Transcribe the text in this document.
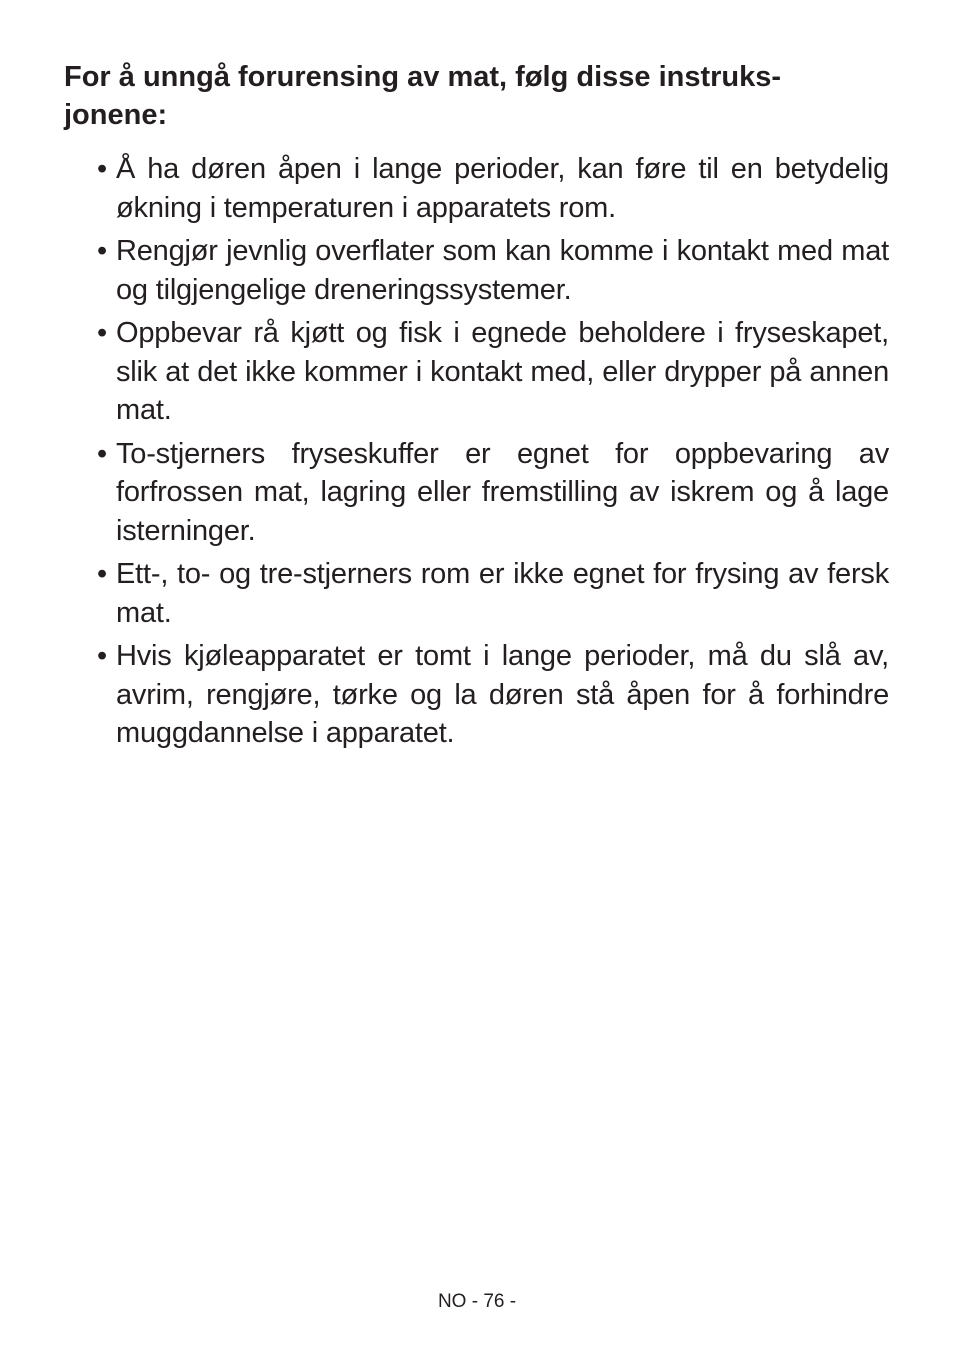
For å unngå forurensing av mat, følg disse instruks-jonene:
• Å ha døren åpen i lange perioder, kan føre til en betydelig økning i temperaturen i apparatets rom.
• Rengjør jevnlig overflater som kan komme i kontakt med mat og tilgjengelige dreneringssystemer.
• Oppbevar rå kjøtt og fisk i egnede beholdere i fryseskapet, slik at det ikke kommer i kontakt med, eller drypper på annen mat.
• To-stjerners fryseskuffer er egnet for oppbevaring av forfrossen mat, lagring eller fremstilling av iskrem og å lage isterninger.
• Ett-, to- og tre-stjerners rom er ikke egnet for frysing av fersk mat.
• Hvis kjøleapparatet er tomt i lange perioder, må du slå av, avrim, rengjøre, tørke og la døren stå åpen for å forhindre muggdannelse i apparatet.
NO - 76 -
